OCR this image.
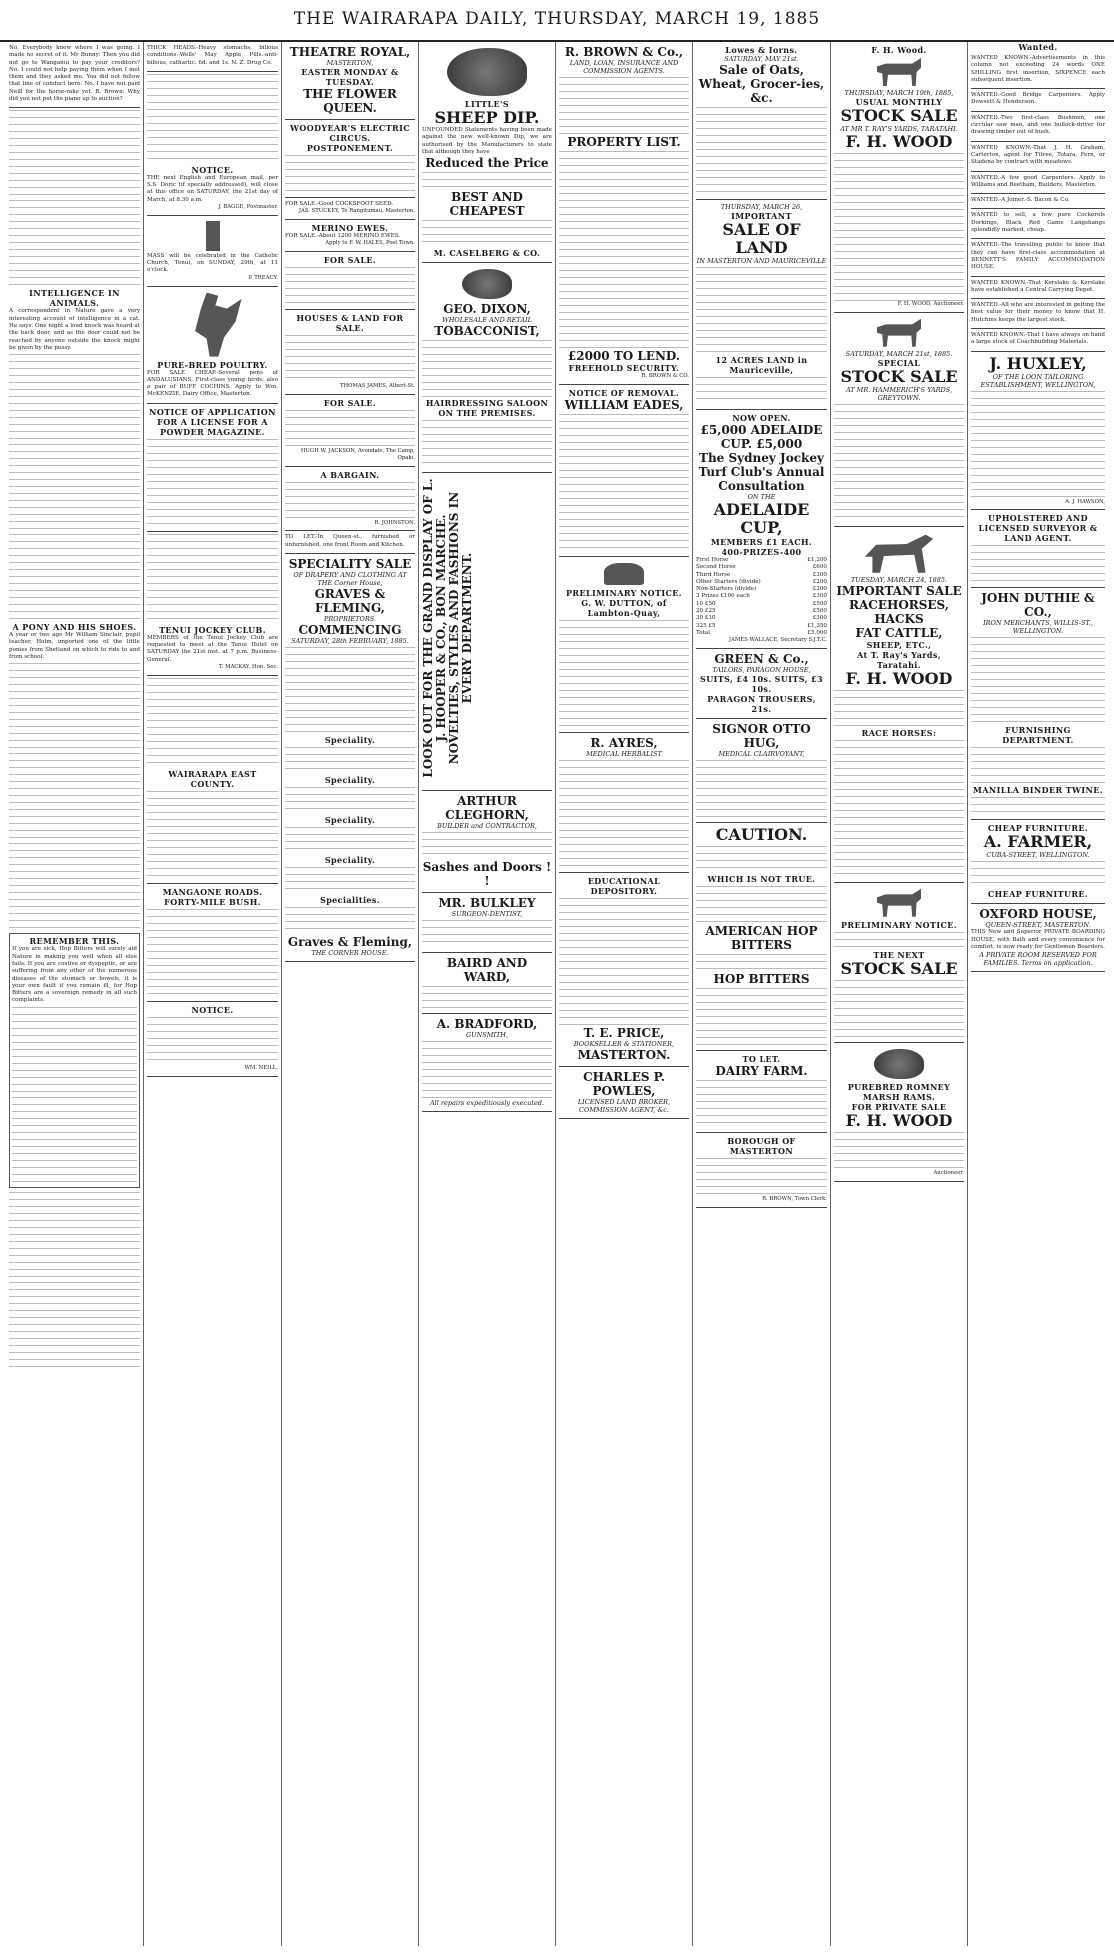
THE WAIRARAPA DAILY, THURSDAY, MARCH 19, 1885
No. Everybody knew where I was going. I made no secret of it. Mr Bunny: Then you did not go to Wanganui to pay your creditors? No. I could not help paying them when I met them and they asked me. You did not follow that line of conduct here. No. I have not paid Neill for the horse-rake yet. R. Brown: Why did you not put the piano up to auction?
INTELLIGENCE IN ANIMALS.
A correspondent in Nature gave a very interesting account of intelligence in a cat. He says: One night a loud knock was heard at the back door, and as the door could not be reached by anyone outside the knock might be given by the pussy.
A PONY AND HIS SHOES.
A year or two ago Mr William Sinclair, pupil teacher, Holm, imported one of the little ponies from Shetland on which to ride to and from school.
REMEMBER THIS.
If you are sick, Hop Bitters will surely aid Nature in making you well when all else fails. If you are costive or dyspeptic, or are suffering from any other of the numerous diseases of the stomach or bowels, it is your own fault if you remain ill, for Hop Bitters are a sovereign remedy in all such complaints.
THICK HEADS.-Heavy stomachs, bilious conditions.-Wells' May Apple Pills.-anti-bilious, cathartic. 6d. and 1s. N. Z. Drug Co.
NOTICE.
THE next English and European mail, per S.S. Doric (if specially addressed), will close at this office on SATURDAY, the 21st day of March, at 8.30 a.m.
J. BAGGE, Postmaster.
MASS will be celebrated in the Catholic Church, Tenui, on SUNDAY, 29th, at 11 o'clock.
P. TREACY.
PURE-BRED POULTRY.
FOR SALE CHEAP.-Several pens of ANDALUSIANS, First-class young birds; also a pair of BUFF COCHINS. Apply to Wm. McKENZIE, Dairy Office, Masterton.
NOTICE OF APPLICATION FOR A LICENSE FOR A POWDER MAGAZINE.
TENUI JOCKEY CLUB.
MEMBERS of the Tenui Jockey Club are requested to meet at the Tenui Hotel on SATURDAY the 21st inst. at 7 p.m. Business-General.
T. MACKAY, Hon. Sec.
WAIRARAPA EAST COUNTY.
MANGAONE ROADS.
FORTY-MILE BUSH.
NOTICE.
WM. NEILL.
THEATRE ROYAL,
MASTERTON,
EASTER MONDAY & TUESDAY.
THE FLOWER QUEEN.
WOODYEAR'S ELECTRIC CIRCUS.
POSTPONEMENT.
FOR SALE.-Good COCKSFOOT SEED.
JAS. STUCKEY, Te Rangitumau, Masterton.
MERINO EWES.
FOR SALE.-About 1200 MERINO EWES.
Apply to F. W. HALES, Post Town.
FOR SALE.
HOUSES & LAND FOR SALE.
THOMAS JAMES, Albert-St.
FOR SALE.
HUGH W. JACKSON, Avondale, The Camp, Opaki.
A BARGAIN.
R. JOHNSTON.
TO LET.-In Queen-st., furnished or unfurnished, one front Room and Kitchen.
SPECIALITY SALE
OF DRAPERY AND CLOTHING AT THE Corner House,
GRAVES & FLEMING,
PROPRIETORS.
COMMENCING
SATURDAY, 28th FEBRUARY, 1885.
Speciality.
Speciality.
Speciality.
Speciality.
Specialities.
Graves & Fleming,
THE CORNER HOUSE.
LITTLE'S
SHEEP DIP.
UNFOUNDED Statements having been made against the new well-known Dip, we are authorised by the Manufacturers to state that although they have
Reduced the Price
BEST AND CHEAPEST
M. CASELBERG & CO.
GEO. DIXON,
WHOLESALE AND RETAIL
TOBACCONIST,
HAIRDRESSING SALOON ON THE PREMISES.
LOOK OUT FOR THE GRAND DISPLAY OF L. J. HOOPER & CO., BON MARCHE. NOVELTIES, STYLES AND FASHIONS IN EVERY DEPARTMENT.
ARTHUR CLEGHORN,
BUILDER and CONTRACTOR,
Sashes and Doors ! !
MR. BULKLEY
SURGEON-DENTIST,
BAIRD AND WARD,
A. BRADFORD,
GUNSMITH,
All repairs expeditiously executed.
R. BROWN & Co.,
LAND, LOAN, INSURANCE AND COMMISSION AGENTS.
PROPERTY LIST.
£2000 TO LEND.
FREEHOLD SECURITY.
R. BROWN & CO.
NOTICE OF REMOVAL.
WILLIAM EADES,
PRELIMINARY NOTICE.
G. W. DUTTON, of Lambton-Quay,
R. AYRES,
MEDICAL HERBALIST
EDUCATIONAL DEPOSITORY.
T. E. PRICE,
BOOKSELLER & STATIONER,
MASTERTON.
CHARLES P. POWLES,
LICENSED LAND BROKER, COMMISSION AGENT, &c.
Lowes & Iorns.
SATURDAY, MAY 21st.
Sale of Oats, Wheat, Grocer-ies, &c.
THURSDAY, MARCH 26,
IMPORTANT
SALE OF LAND
IN MASTERTON AND MAURICEVILLE
12 ACRES LAND in Mauriceville,
NOW OPEN.
£5,000 ADELAIDE CUP. £5,000
The Sydney Jockey Turf Club's Annual Consultation
ON THE
ADELAIDE CUP,
MEMBERS £1 EACH.
400-PRIZES-400
First Horse	£1,200
Second Horse	£600
Third Horse	£300
Other Starters (divide)	£200
Non-Starters (divide)	£200
3 Prizes £100 each	£300
10 £50	£500
20 £25	£500
30 £10	£300
325 £5	£1,350
Total	£5,000
JAMES WALLACE, Secretary S.J.T.C.
GREEN & Co.,
TAILORS, PARAGON HOUSE,
SUITS, £4 10s. SUITS, £3 10s.
PARAGON TROUSERS, 21s.
SIGNOR OTTO HUG,
MEDICAL CLAIRVOYANT,
CAUTION.
WHICH IS NOT TRUE.
AMERICAN HOP BITTERS
HOP BITTERS
TO LET.
DAIRY FARM.
BOROUGH OF MASTERTON
R. BROWN, Town Clerk.
F. H. Wood.
THURSDAY, MARCH 19th, 1885,
USUAL MONTHLY
STOCK SALE
AT MR T. RAY'S YARDS, TARATAHI.
F. H. WOOD
F. H. WOOD, Auctioneer.
SATURDAY, MARCH 21st, 1885.
SPECIAL
STOCK SALE
AT MR. HAMMERICH'S YARDS, GREYTOWN.
TUESDAY, MARCH 24, 1885.
IMPORTANT SALE
RACEHORSES, HACKS
FAT CATTLE,
SHEEP, ETC.,
At T. Ray's Yards, Taratahi.
F. H. WOOD
RACE HORSES:
PRELIMINARY NOTICE.
THE NEXT
STOCK SALE
PUREBRED ROMNEY MARSH RAMS.
FOR PRIVATE SALE
F. H. WOOD
Auctioneer.
Wanted.
WANTED KNOWN.-Advertisements in this column not exceeding 24 words ONE SHILLING first insertion, SIXPENCE each subsequent insertion.
WANTED.-Good Bridge Carpenters. Apply Dowsett & Henderson.
WANTED.-Two first-class Bushmen, one circular saw man, and one bullock-driver for drawing timber out of bush.
WANTED KNOWN.-That J. H. Graham, Carterton, agent for Titree, Totara, Fern, or Stadena by contract with meadows.
WANTED.-A few good Carpenters. Apply to Williams and Beetham, Builders, Masterton.
WANTED.-A Joiner.-S. Bacon & Co.
WANTED to sell, a few pure Cockerels Dorkings, Black Red Game Langshangs splendidly marked, cheap.
WANTED.-The travelling public to know that they can have first-class accommodation at BENNETT'S FAMILY ACCOMMODATION HOUSE.
WANTED KNOWN.-That Kerslake & Kerslake have established a Central Carrying Depot.
WANTED.-All who are interested in getting the best value for their money to know that H. Hutchins keeps the largest stock.
WANTED KNOWN.-That I have always on hand a large stock of Coachbuilding Materials.
J. HUXLEY,
OF THE LOON TAILORING ESTABLISHMENT, WELLINGTON,
A. J. HAWSON,
UPHOLSTERED AND LICENSED SURVEYOR & LAND AGENT.
JOHN DUTHIE & CO.,
IRON MERCHANTS, WILLIS-ST., WELLINGTON.
FURNISHING DEPARTMENT.
MANILLA BINDER TWINE.
CHEAP FURNITURE.
A. FARMER,
CUBA-STREET, WELLINGTON.
CHEAP FURNITURE.
OXFORD HOUSE,
QUEEN-STREET, MASTERTON.
THIS New and Superior PRIVATE BOARDING HOUSE, with Bath and every convenience for comfort, is now ready for Gentlemen Boarders.
A PRIVATE ROOM RESERVED FOR FAMILIES. Terms on application.
